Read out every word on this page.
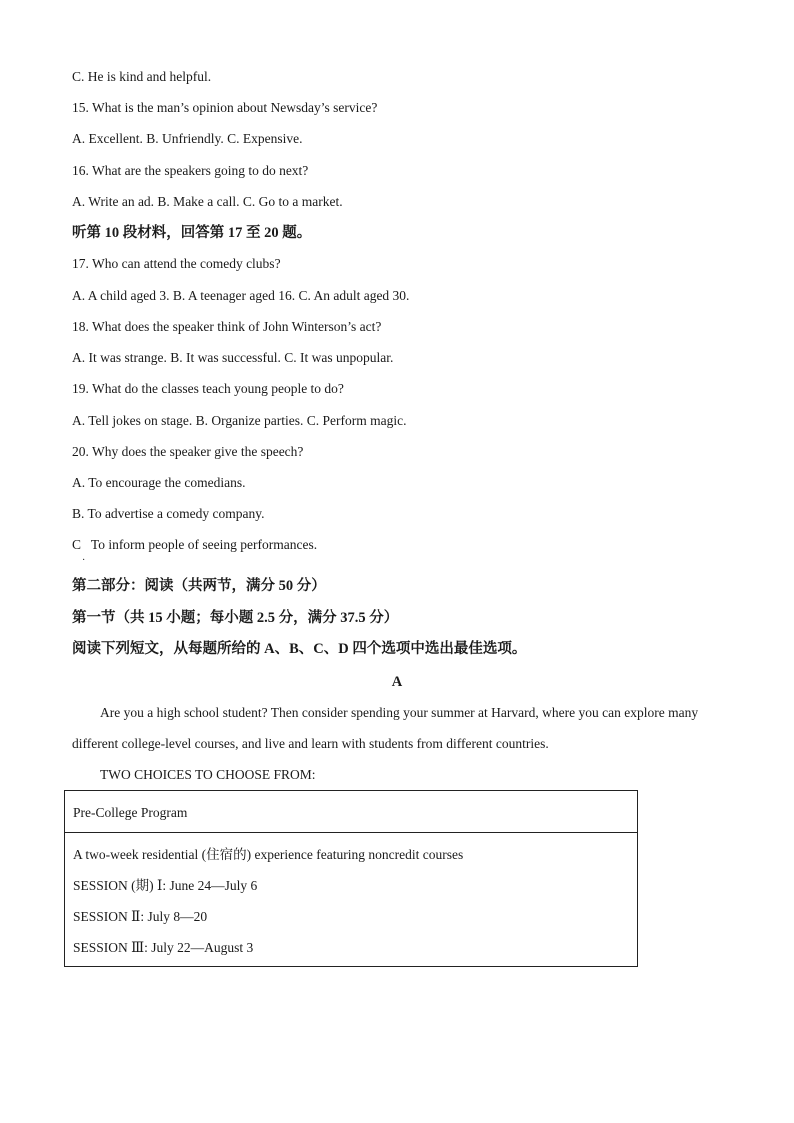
C. He is kind and helpful.
15. What is the man’s opinion about Newsday’s service?
A. Excellent. B. Unfriendly. C. Expensive.
16. What are the speakers going to do next?
A. Write an ad. B. Make a call. C. Go to a market.
听第 10 段材料，回答第 17 至 20 题。
17. Who can attend the comedy clubs?
A. A child aged 3. B. A teenager aged 16. C. An adult aged 30.
18. What does the speaker think of John Winterson’s act?
A. It was strange. B. It was successful. C. It was unpopular.
19. What do the classes teach young people to do?
A. Tell jokes on stage. B. Organize parties. C. Perform magic.
20. Why does the speaker give the speech?
A. To encourage the comedians.
B. To advertise a comedy company.
C   To inform people of seeing performances.
·
第二部分：阅读（共两节，满分 50 分）
第一节（共 15 小题；每小题 2.5 分，满分 37.5 分）
阅读下列短文，从每题所给的 A、B、C、D 四个选项中选出最佳选项。
A
Are you a high school student? Then consider spending your summer at Harvard, where you can explore many
different college-level courses, and live and learn with students from different countries.
TWO CHOICES TO CHOOSE FROM:
Pre-College Program
A two-week residential (住宿的) experience featuring noncredit courses
SESSION (期) Ⅰ: June 24—July 6
SESSION Ⅱ: July 8—20
SESSION Ⅲ: July 22—August 3
